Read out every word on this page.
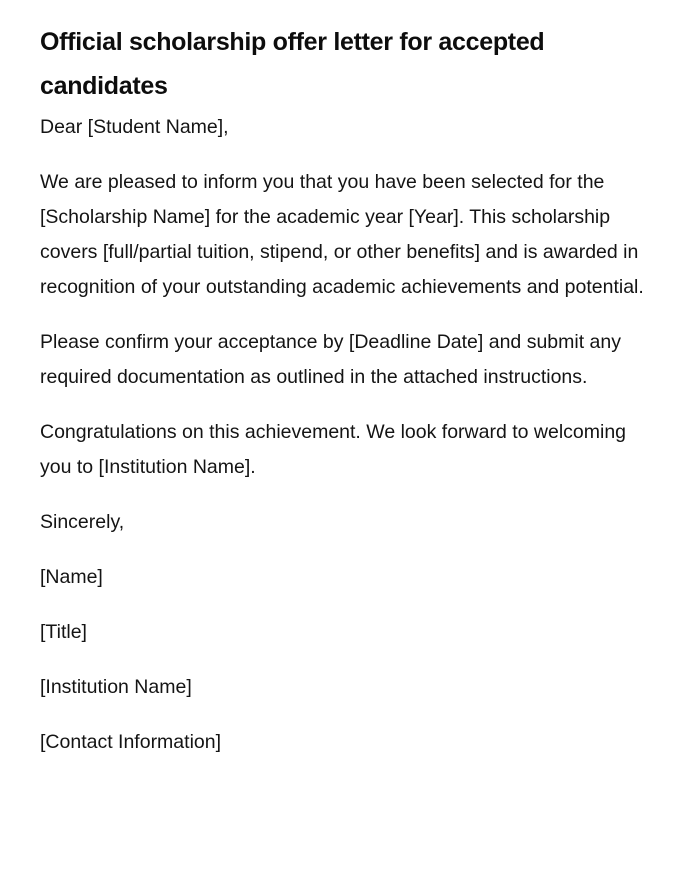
Official scholarship offer letter for accepted candidates

Dear [Student Name],

We are pleased to inform you that you have been selected for the [Scholarship Name] for the academic year [Year]. This scholarship covers [full/partial tuition, stipend, or other benefits] and is awarded in recognition of your outstanding academic achievements and potential.

Please confirm your acceptance by [Deadline Date] and submit any required documentation as outlined in the attached instructions.

Congratulations on this achievement. We look forward to welcoming you to [Institution Name].

Sincerely,

[Name]

[Title]

[Institution Name]

[Contact Information]
